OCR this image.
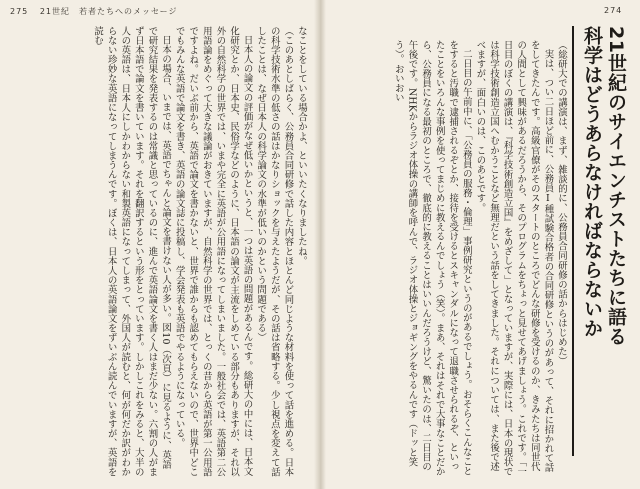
275 21世紀　若者たちへのメッセージ	274

なことをしている場合かよ、といいたくなりましたね。

（このあとしばらく、公務員合同研修で話した内容とほとんど同じような材料を使って話を進める。日本の科学技術水準の低さの話はかなりショックを与えたようだが、その話は省略する。少し視点を変えて話したことは、なぜ日本人の科学論文の水準が低いのかという問題である）

日本人の論文の評価がなぜ低いかというと、一つは英語の問題があるんです。総研大の中には、日本文化研究とか、日本史、民俗学などのように、日本語の論文が主流をしめている部分もありますが、それ以外の自然科学の世界では、いまや完全に英語が公用語になってしまいました。一般社会では、英語第二公用語論をめぐって大きな議論がおきていますが、自然科学の世界では、とっくの昔から英語が第一公用語ですよね。だいぶ前から、英語で論文を書かないと、世界で誰からも認めてもらえないので、世界中どこでもみんな英語で論文を書き、英語の論文誌に投稿し、学会発表も英語でやるようになっている。

日本の場合、いまでは、英語でちゃんと論文を書けない人が多い。図10（次頁）に見るように、英語で研究結果を発表するのは常識と思っているのに、進んで英語論文を書く人はまだ少ない。六割の人がまず日本語で論文を書いています。それを翻訳するという形をとっています。しかしこれをみると、大半の人の英語は、日本人にしかわからない和製英語になってしまって、外国人が読むと、何が何だか訳がわからない珍妙な英語になってしまうんです。ぼくは、日本人の英語論文をずいぶん読んでいますが、英語を読む	21世紀のサイエンチストたちに語る
科学はどうあらなければならないか

（総研大での講演は、まず、雑談的に、公務員合同研修の話からはじめた）

実は、つい二日ほど前に、公務員Ⅰ種試験合格者の合同研修というのがあって、それに招かれて話をしてきたんです。高級官僚がそのスタートのところでどんな研修を受けるのか、きみたちは同世代の人間として興味があるだろうから、そのプログラムをちょっと見せてあげましょう。これです。「一日目のぼくの講演は、『科学技術創造立国』をめざして」となっていますが、実際には、日本の現状では科学技術創造立国へむかうことなど無理だという話をしてきました。それについては、また後で述べますが、面白いのは、このあとです。

二日目の午前中に、「公務員の服務・倫理」事例研究というのがあるでしょう。おそらくこんなことをすると汚職で逮捕されるぞとか、接待を受けるとスキャンダルになって退職させられるぞ、といったことをいろんな事例を使ってまじめに教えるんでしょう（笑）。まあ、それはそれで大事なことだから、公務員になる最初のところで、徹底的に教えることはいいんだろうけど、驚いたのは、二日目の午後です。NHKからラジオ体操の講師を呼んで、ラジオ体操とジョギングをやるんです（ドッと笑う）。おいおい
